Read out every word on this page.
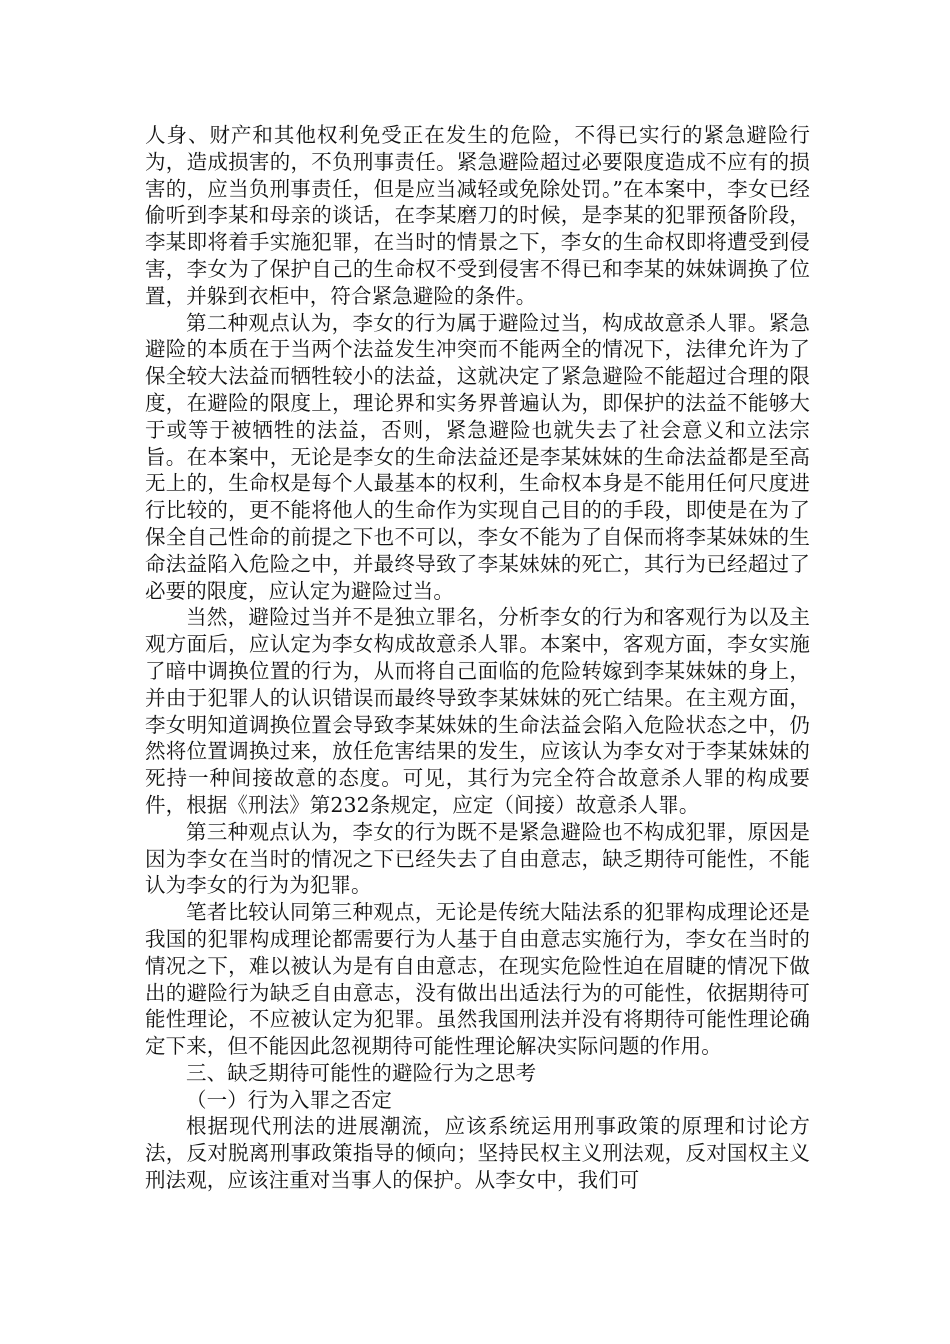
人身、财产和其他权利免受正在发生的危险，不得已实行的紧急避险行为，造成损害的，不负刑事责任。紧急避险超过必要限度造成不应有的损害的，应当负刑事责任，但是应当减轻或免除处罚。”在本案中，李女已经偷听到李某和母亲的谈话，在李某磨刀的时候，是李某的犯罪预备阶段，李某即将着手实施犯罪，在当时的情景之下，李女的生命权即将遭受到侵害，李女为了保护自己的生命权不受到侵害不得已和李某的妹妹调换了位置，并躲到衣柜中，符合紧急避险的条件。

第二种观点认为，李女的行为属于避险过当，构成故意杀人罪。紧急避险的本质在于当两个法益发生冲突而不能两全的情况下，法律允许为了保全较大法益而牺牲较小的法益，这就决定了紧急避险不能超过合理的限度，在避险的限度上，理论界和实务界普遍认为，即保护的法益不能够大于或等于被牺牲的法益，否则，紧急避险也就失去了社会意义和立法宗旨。在本案中，无论是李女的生命法益还是李某妹妹的生命法益都是至高无上的，生命权是每个人最基本的权利，生命权本身是不能用任何尺度进行比较的，更不能将他人的生命作为实现自己目的的手段，即使是在为了保全自己性命的前提之下也不可以，李女不能为了自保而将李某妹妹的生命法益陷入危险之中，并最终导致了李某妹妹的死亡，其行为已经超过了必要的限度，应认定为避险过当。

当然，避险过当并不是独立罪名，分析李女的行为和客观行为以及主观方面后，应认定为李女构成故意杀人罪。本案中，客观方面，李女实施了暗中调换位置的行为，从而将自己面临的危险转嫁到李某妹妹的身上，并由于犯罪人的认识错误而最终导致李某妹妹的死亡结果。在主观方面，李女明知道调换位置会导致李某妹妹的生命法益会陷入危险状态之中，仍然将位置调换过来，放任危害结果的发生，应该认为李女对于李某妹妹的死持一种间接故意的态度。可见，其行为完全符合故意杀人罪的构成要件，根据《刑法》第232条规定，应定（间接）故意杀人罪。

第三种观点认为，李女的行为既不是紧急避险也不构成犯罪，原因是因为李女在当时的情况之下已经失去了自由意志，缺乏期待可能性，不能认为李女的行为为犯罪。

笔者比较认同第三种观点，无论是传统大陆法系的犯罪构成理论还是我国的犯罪构成理论都需要行为人基于自由意志实施行为，李女在当时的情况之下，难以被认为是有自由意志，在现实危险性迫在眉睫的情况下做出的避险行为缺乏自由意志，没有做出出适法行为的可能性，依据期待可能性理论，不应被认定为犯罪。虽然我国刑法并没有将期待可能性理论确定下来，但不能因此忽视期待可能性理论解决实际问题的作用。

三、缺乏期待可能性的避险行为之思考

（一）行为入罪之否定

根据现代刑法的进展潮流，应该系统运用刑事政策的原理和讨论方法，反对脱离刑事政策指导的倾向；坚持民权主义刑法观，反对国权主义刑法观，应该注重对当事人的保护。从李女中，我们可
